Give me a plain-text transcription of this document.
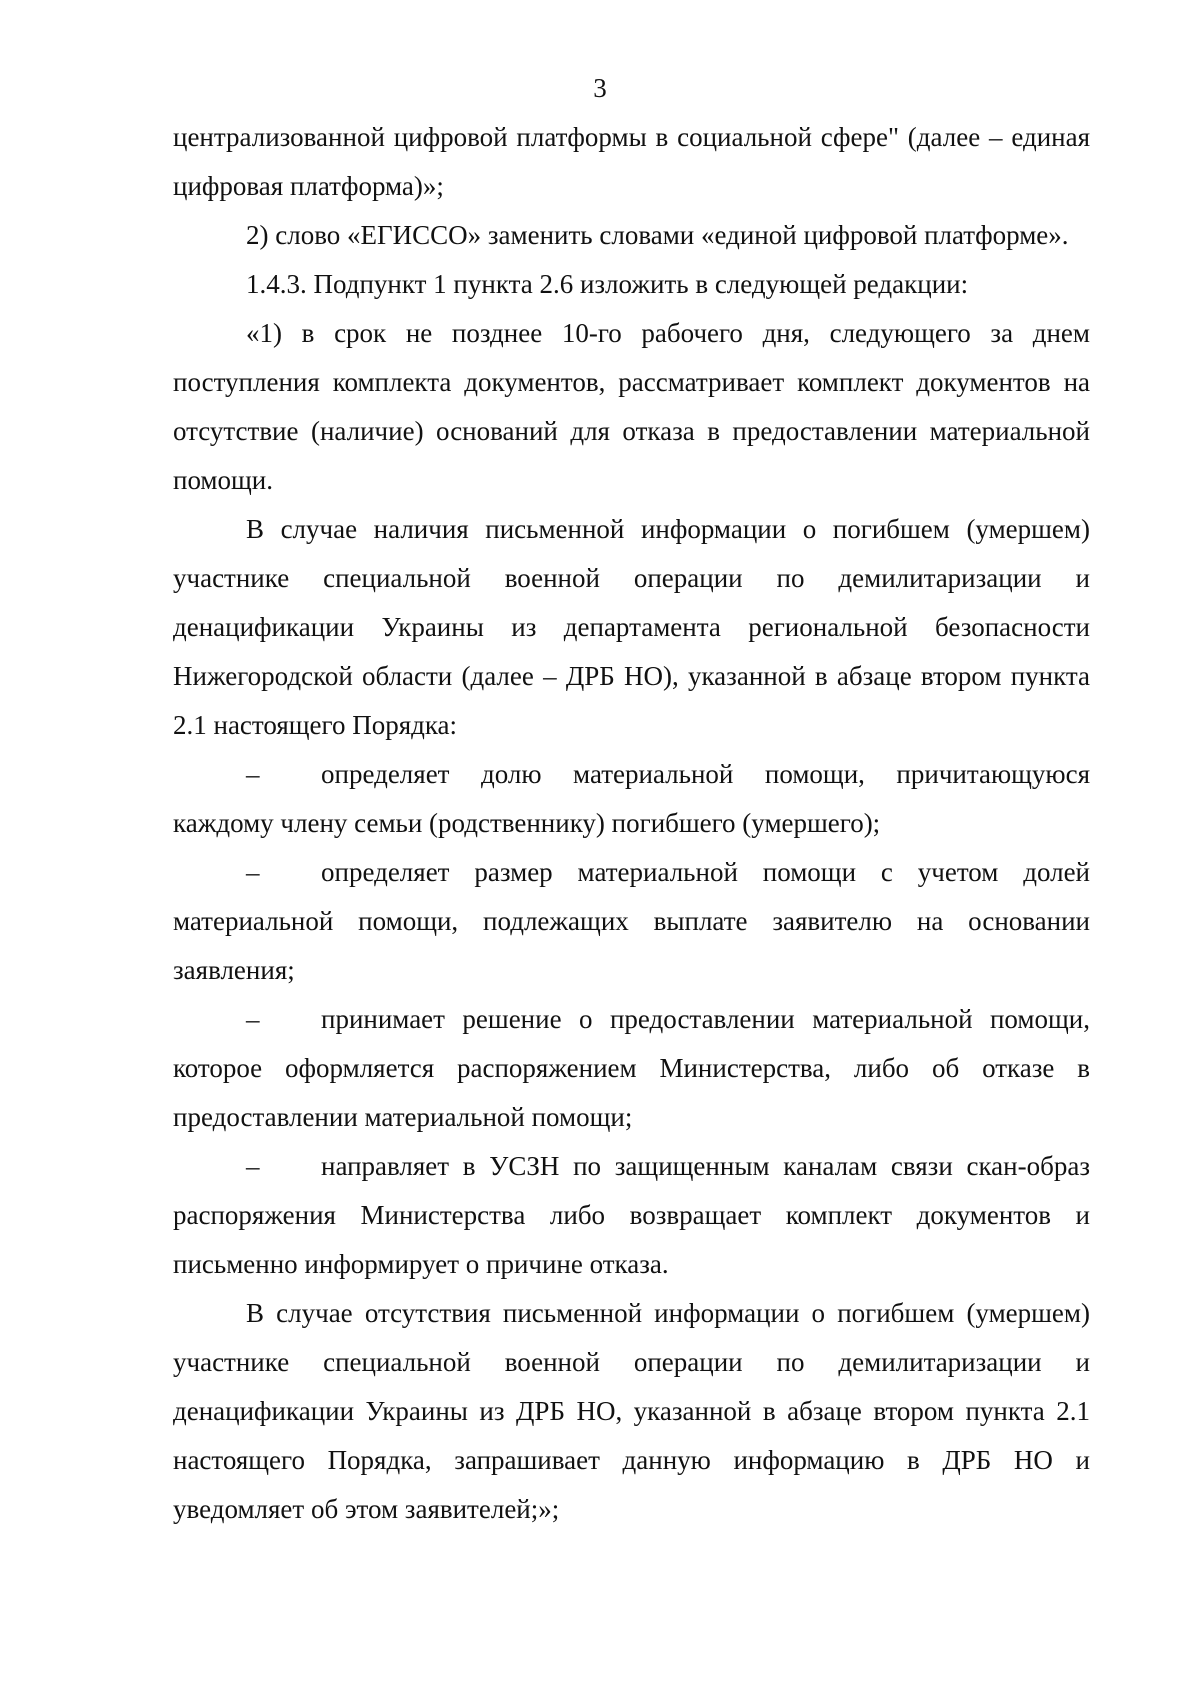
3

централизованной цифровой платформы в социальной сфере" (далее – единая цифровая платформа)»;

2) слово «ЕГИССО» заменить словами «единой цифровой платформе».

1.4.3. Подпункт 1 пункта 2.6 изложить в следующей редакции:

«1) в срок не позднее 10-го рабочего дня, следующего за днем поступления комплекта документов, рассматривает комплект документов на отсутствие (наличие) оснований для отказа в предоставлении материальной помощи.

В случае наличия письменной информации о погибшем (умершем) участнике специальной военной операции по демилитаризации и денацификации Украины из департамента региональной безопасности Нижегородской области (далее – ДРБ НО), указанной в абзаце втором пункта 2.1 настоящего Порядка:

– определяет долю материальной помощи, причитающуюся каждому члену семьи (родственнику) погибшего (умершего);

– определяет размер материальной помощи с учетом долей материальной помощи, подлежащих выплате заявителю на основании заявления;

– принимает решение о предоставлении материальной помощи, которое оформляется распоряжением Министерства, либо об отказе в предоставлении материальной помощи;

– направляет в УСЗН по защищенным каналам связи скан-образ распоряжения Министерства либо возвращает комплект документов и письменно информирует о причине отказа.

В случае отсутствия письменной информации о погибшем (умершем) участнике специальной военной операции по демилитаризации и денацификации Украины из ДРБ НО, указанной в абзаце втором пункта 2.1 настоящего Порядка, запрашивает данную информацию в ДРБ НО и уведомляет об этом заявителей;»;
